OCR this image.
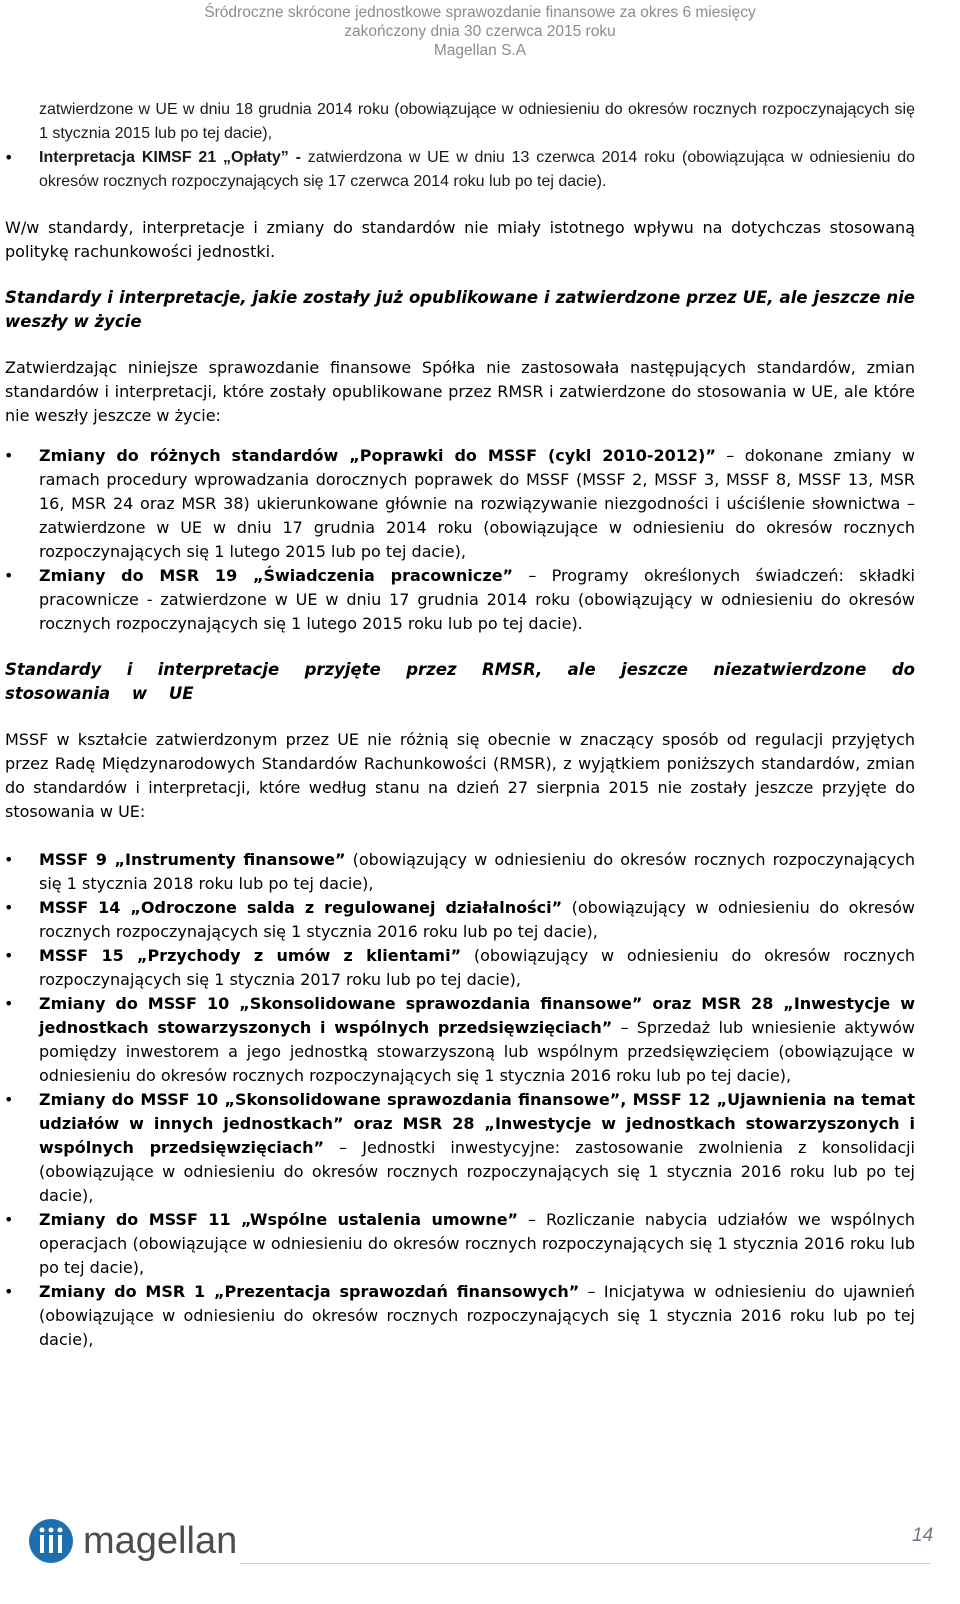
Śródroczne skrócone jednostkowe sprawozdanie finansowe za okres 6 miesięcy
zakończony dnia 30 czerwca 2015 roku
Magellan S.A
zatwierdzone w UE w dniu 18 grudnia 2014 roku (obowiązujące w odniesieniu do okresów rocznych rozpoczynających się 1 stycznia 2015 lub po tej dacie),
• Interpretacja KIMSF 21 „Opłaty” - zatwierdzona w UE w dniu 13 czerwca 2014 roku (obowiązująca w odniesieniu do okresów rocznych rozpoczynających się 17 czerwca 2014 roku lub po tej dacie).
W/w standardy, interpretacje i zmiany do standardów nie miały istotnego wpływu na dotychczas stosowaną politykę rachunkowości jednostki.
Standardy i interpretacje, jakie zostały już opublikowane i zatwierdzone przez UE, ale jeszcze nie weszły w życie
Zatwierdzając niniejsze sprawozdanie finansowe Spółka nie zastosowała następujących standardów, zmian standardów i interpretacji, które zostały opublikowane przez RMSR i zatwierdzone do stosowania w UE, ale które nie weszły jeszcze w życie:
• Zmiany do różnych standardów „Poprawki do MSSF (cykl 2010-2012)” – dokonane zmiany w ramach procedury wprowadzania dorocznych poprawek do MSSF (MSSF 2, MSSF 3, MSSF 8, MSSF 13, MSR 16, MSR 24 oraz MSR 38) ukierunkowane głównie na rozwiązywanie niezgodności i uściślenie słownictwa – zatwierdzone w UE w dniu 17 grudnia 2014 roku (obowiązujące w odniesieniu do okresów rocznych rozpoczynających się 1 lutego 2015 lub po tej dacie),
• Zmiany do MSR 19 „Świadczenia pracownicze” – Programy określonych świadczeń: składki pracownicze - zatwierdzone w UE w dniu 17 grudnia 2014 roku (obowiązujący w odniesieniu do okresów rocznych rozpoczynających się 1 lutego 2015 roku lub po tej dacie).
Standardy i interpretacje przyjęte przez RMSR, ale jeszcze niezatwierdzone do stosowania w UE
MSSF w kształcie zatwierdzonym przez UE nie różnią się obecnie w znaczący sposób od regulacji przyjętych przez Radę Międzynarodowych Standardów Rachunkowości (RMSR), z wyjątkiem poniższych standardów, zmian do standardów i interpretacji, które według stanu na dzień 27 sierpnia 2015 nie zostały jeszcze przyjęte do stosowania w UE:
• MSSF 9 „Instrumenty finansowe” (obowiązujący w odniesieniu do okresów rocznych rozpoczynających się 1 stycznia 2018 roku lub po tej dacie),
• MSSF 14 „Odroczone salda z regulowanej działalności” (obowiązujący w odniesieniu do okresów rocznych rozpoczynających się 1 stycznia 2016 roku lub po tej dacie),
• MSSF 15 „Przychody z umów z klientami” (obowiązujący w odniesieniu do okresów rocznych rozpoczynających się 1 stycznia 2017 roku lub po tej dacie),
• Zmiany do MSSF 10 „Skonsolidowane sprawozdania finansowe” oraz MSR 28 „Inwestycje w jednostkach stowarzyszonych i wspólnych przedsięwzięciach” – Sprzedaż lub wniesienie aktywów pomiędzy inwestorem a jego jednostką stowarzyszoną lub wspólnym przedsięwzięciem (obowiązujące w odniesieniu do okresów rocznych rozpoczynających się 1 stycznia 2016 roku lub po tej dacie),
• Zmiany do MSSF 10 „Skonsolidowane sprawozdania finansowe”, MSSF 12 „Ujawnienia na temat udziałów w innych jednostkach” oraz MSR 28 „Inwestycje w jednostkach stowarzyszonych i wspólnych przedsięwzięciach” – Jednostki inwestycyjne: zastosowanie zwolnienia z konsolidacji (obowiązujące w odniesieniu do okresów rocznych rozpoczynających się 1 stycznia 2016 roku lub po tej dacie),
• Zmiany do MSSF 11 „Wspólne ustalenia umowne” – Rozliczanie nabycia udziałów we wspólnych operacjach (obowiązujące w odniesieniu do okresów rocznych rozpoczynających się 1 stycznia 2016 roku lub po tej dacie),
• Zmiany do MSR 1 „Prezentacja sprawozdań finansowych” – Inicjatywa w odniesieniu do ujawnień (obowiązujące w odniesieniu do okresów rocznych rozpoczynających się 1 stycznia 2016 roku lub po tej dacie),
magellan	14
